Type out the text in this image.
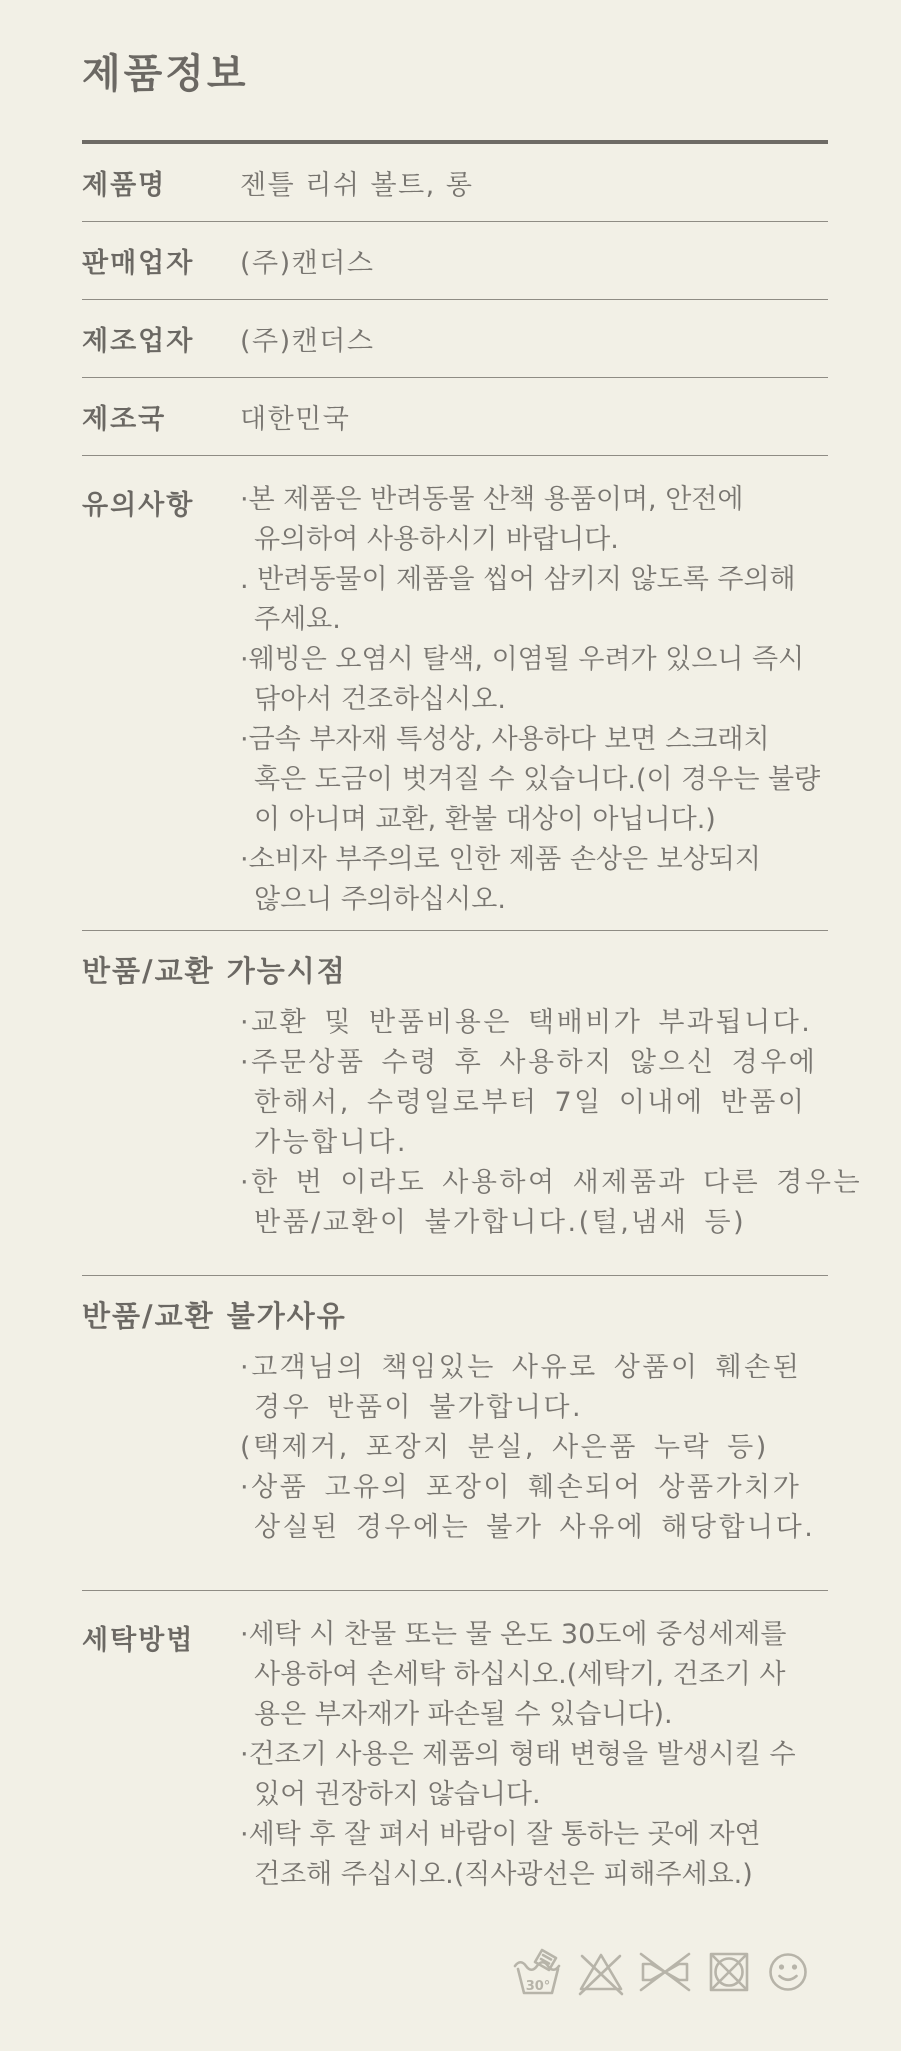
제품정보
제품명	젠틀 리쉬 볼트, 롱
판매업자	(주)캔더스
제조업자	(주)캔더스
제조국	대한민국
유의사항	·본 제품은 반려동물 산책 용품이며, 안전에
유의하여 사용하시기 바랍니다.
. 반려동물이 제품을 씹어 삼키지 않도록 주의해
주세요.
·웨빙은 오염시 탈색, 이염될 우려가 있으니 즉시
닦아서 건조하십시오.
·금속 부자재 특성상, 사용하다 보면 스크래치
혹은 도금이 벗겨질 수 있습니다.(이 경우는 불량
이 아니며 교환, 환불 대상이 아닙니다.)
·소비자 부주의로 인한 제품 손상은 보상되지
않으니 주의하십시오.
반품/교환 가능시점
·교환 및 반품비용은 택배비가 부과됩니다.
·주문상품 수령 후 사용하지 않으신 경우에
한해서, 수령일로부터 7일 이내에 반품이
가능합니다.
·한 번 이라도 사용하여 새제품과 다른 경우는
반품/교환이 불가합니다.(털,냄새 등)
반품/교환 불가사유
·고객님의 책임있는 사유로 상품이 훼손된
경우 반품이 불가합니다.
(택제거, 포장지 분실, 사은품 누락 등)
·상품 고유의 포장이 훼손되어 상품가치가
상실된 경우에는 불가 사유에 해당합니다.
세탁방법	·세탁 시 찬물 또는 물 온도 30도에 중성세제를
사용하여 손세탁 하십시오.(세탁기, 건조기 사
용은 부자재가 파손될 수 있습니다).
·건조기 사용은 제품의 형태 변형을 발생시킬 수
있어 권장하지 않습니다.
·세탁 후 잘 펴서 바람이 잘 통하는 곳에 자연
건조해 주십시오.(직사광선은 피해주세요.)
30°
